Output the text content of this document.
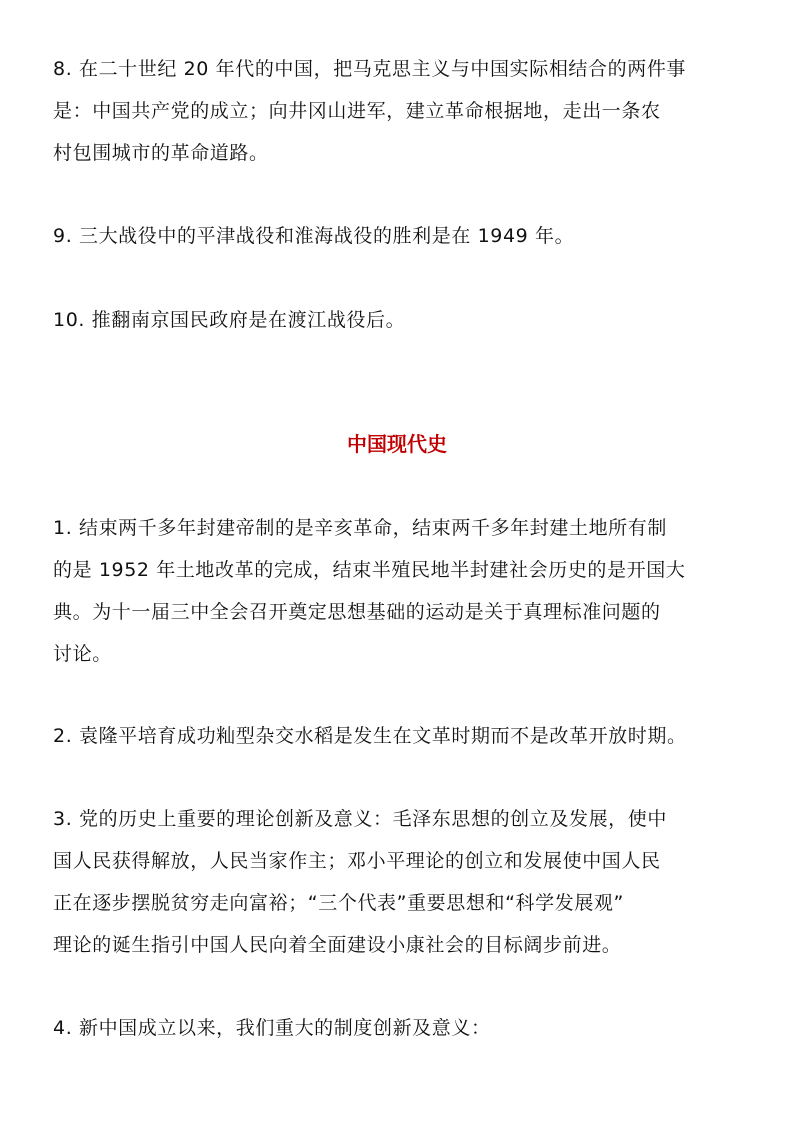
8. 在二十世纪 20 年代的中国，把马克思主义与中国实际相结合的两件事
是：中国共产党的成立；向井冈山进军，建立革命根据地，走出一条农
村包围城市的革命道路。
9. 三大战役中的平津战役和淮海战役的胜利是在 1949 年。
10. 推翻南京国民政府是在渡江战役后。
中国现代史
1. 结束两千多年封建帝制的是辛亥革命，结束两千多年封建土地所有制
的是 1952 年土地改革的完成，结束半殖民地半封建社会历史的是开国大
典。为十一届三中全会召开奠定思想基础的运动是关于真理标准问题的
讨论。
2. 袁隆平培育成功籼型杂交水稻是发生在文革时期而不是改革开放时期。
3. 党的历史上重要的理论创新及意义：毛泽东思想的创立及发展，使中
国人民获得解放，人民当家作主；邓小平理论的创立和发展使中国人民
正在逐步摆脱贫穷走向富裕；“三个代表”重要思想和“科学发展观”
理论的诞生指引中国人民向着全面建设小康社会的目标阔步前进。
4. 新中国成立以来，我们重大的制度创新及意义：
